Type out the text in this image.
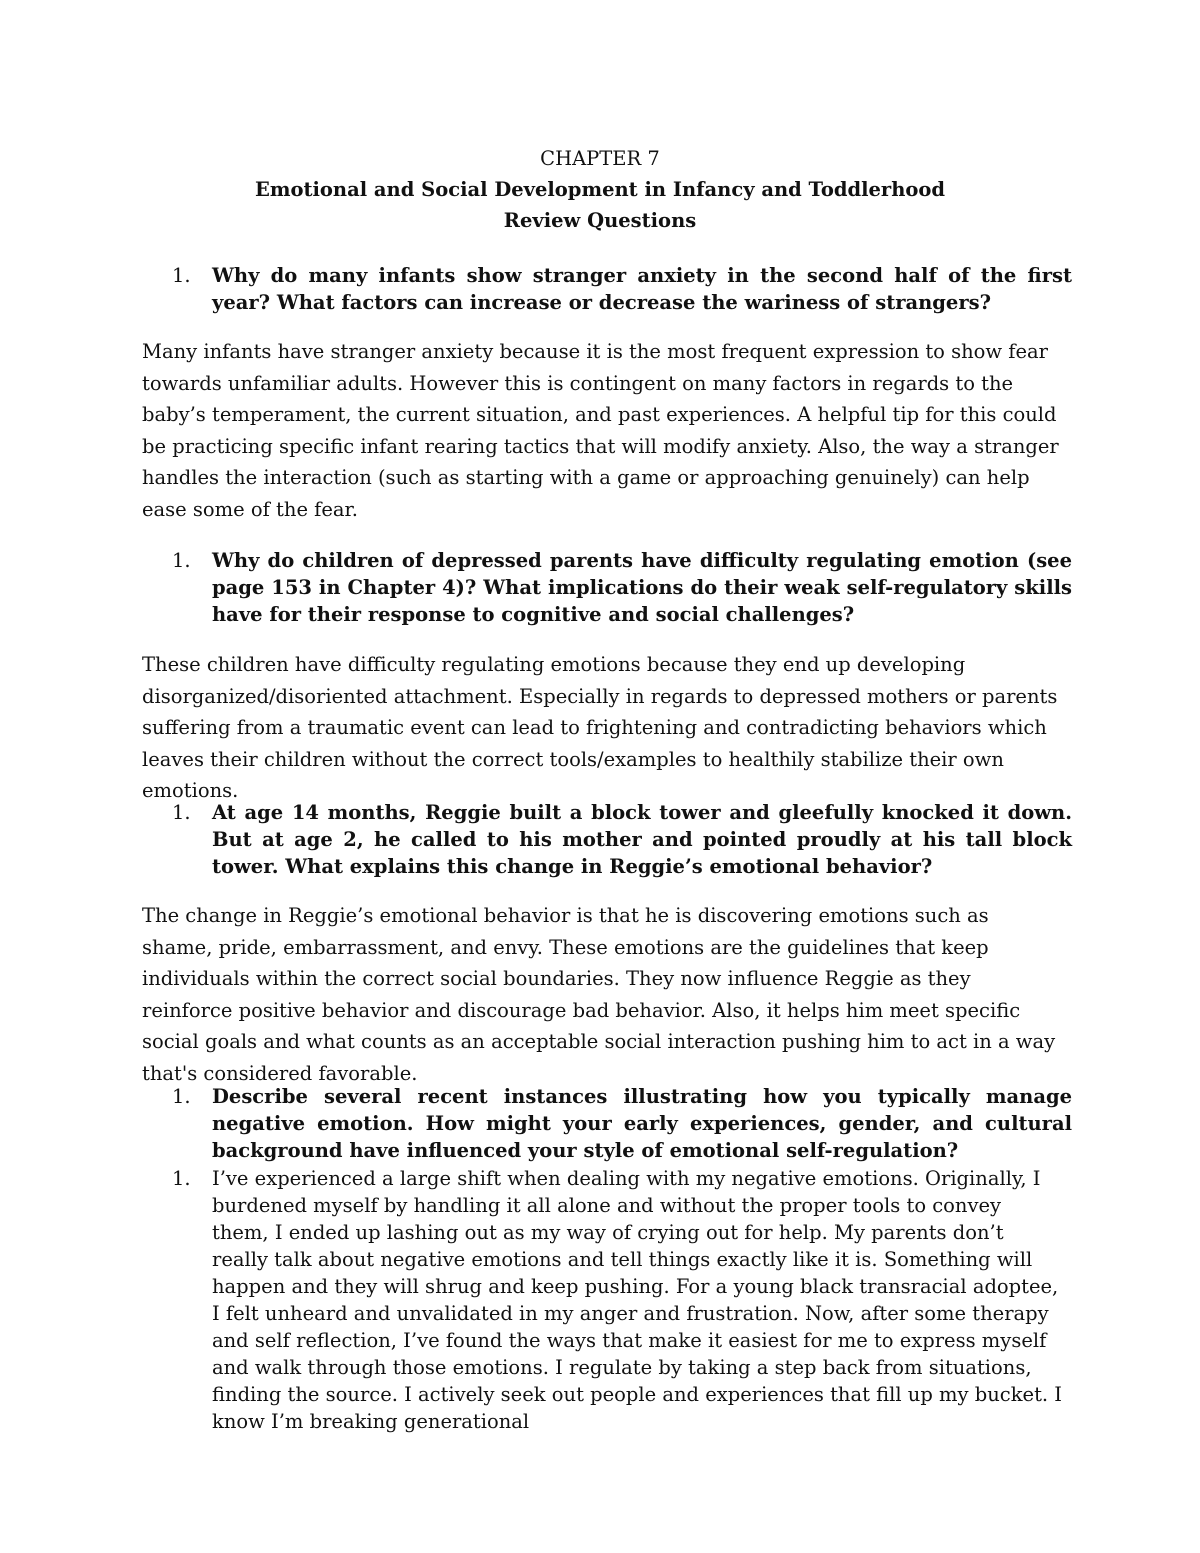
CHAPTER 7
Emotional and Social Development in Infancy and Toddlerhood
Review Questions
1.	Why do many infants show stranger anxiety in the second half of the first year? What factors can increase or decrease the wariness of strangers?
Many infants have stranger anxiety because it is the most frequent expression to show fear towards unfamiliar adults. However this is contingent on many factors in regards to the baby’s temperament, the current situation, and past experiences. A helpful tip for this could be practicing specific infant rearing tactics that will modify anxiety. Also, the way a stranger handles the interaction (such as starting with a game or approaching genuinely) can help ease some of the fear.
1.	Why do children of depressed parents have difficulty regulating emotion (see page 153 in Chapter 4)? What implications do their weak self-regulatory skills have for their response to cognitive and social challenges?
These children have difficulty regulating emotions because they end up developing disorganized/disoriented attachment. Especially in regards to depressed mothers or parents suffering from a traumatic event can lead to frightening and contradicting behaviors which leaves their children without the correct tools/examples to healthily stabilize their own emotions.
1.	At age 14 months, Reggie built a block tower and gleefully knocked it down. But at age 2, he called to his mother and pointed proudly at his tall block tower. What explains this change in Reggie’s emotional behavior?
The change in Reggie’s emotional behavior is that he is discovering emotions such as shame, pride, embarrassment, and envy. These emotions are the guidelines that keep individuals within the correct social boundaries. They now influence Reggie as they reinforce positive behavior and discourage bad behavior. Also, it helps him meet specific social goals and what counts as an acceptable social interaction pushing him to act in a way that's considered favorable.
1.	Describe several recent instances illustrating how you typically manage negative emotion. How might your early experiences, gender, and cultural background have influenced your style of emotional self-regulation?
1.	I’ve experienced a large shift when dealing with my negative emotions. Originally, I burdened myself by handling it all alone and without the proper tools to convey them, I ended up lashing out as my way of crying out for help. My parents don’t really talk about negative emotions and tell things exactly like it is. Something will happen and they will shrug and keep pushing. For a young black transracial adoptee, I felt unheard and unvalidated in my anger and frustration. Now, after some therapy and self reflection, I’ve found the ways that make it easiest for me to express myself and walk through those emotions. I regulate by taking a step back from situations, finding the source. I actively seek out people and experiences that fill up my bucket. I know I’m breaking generational
